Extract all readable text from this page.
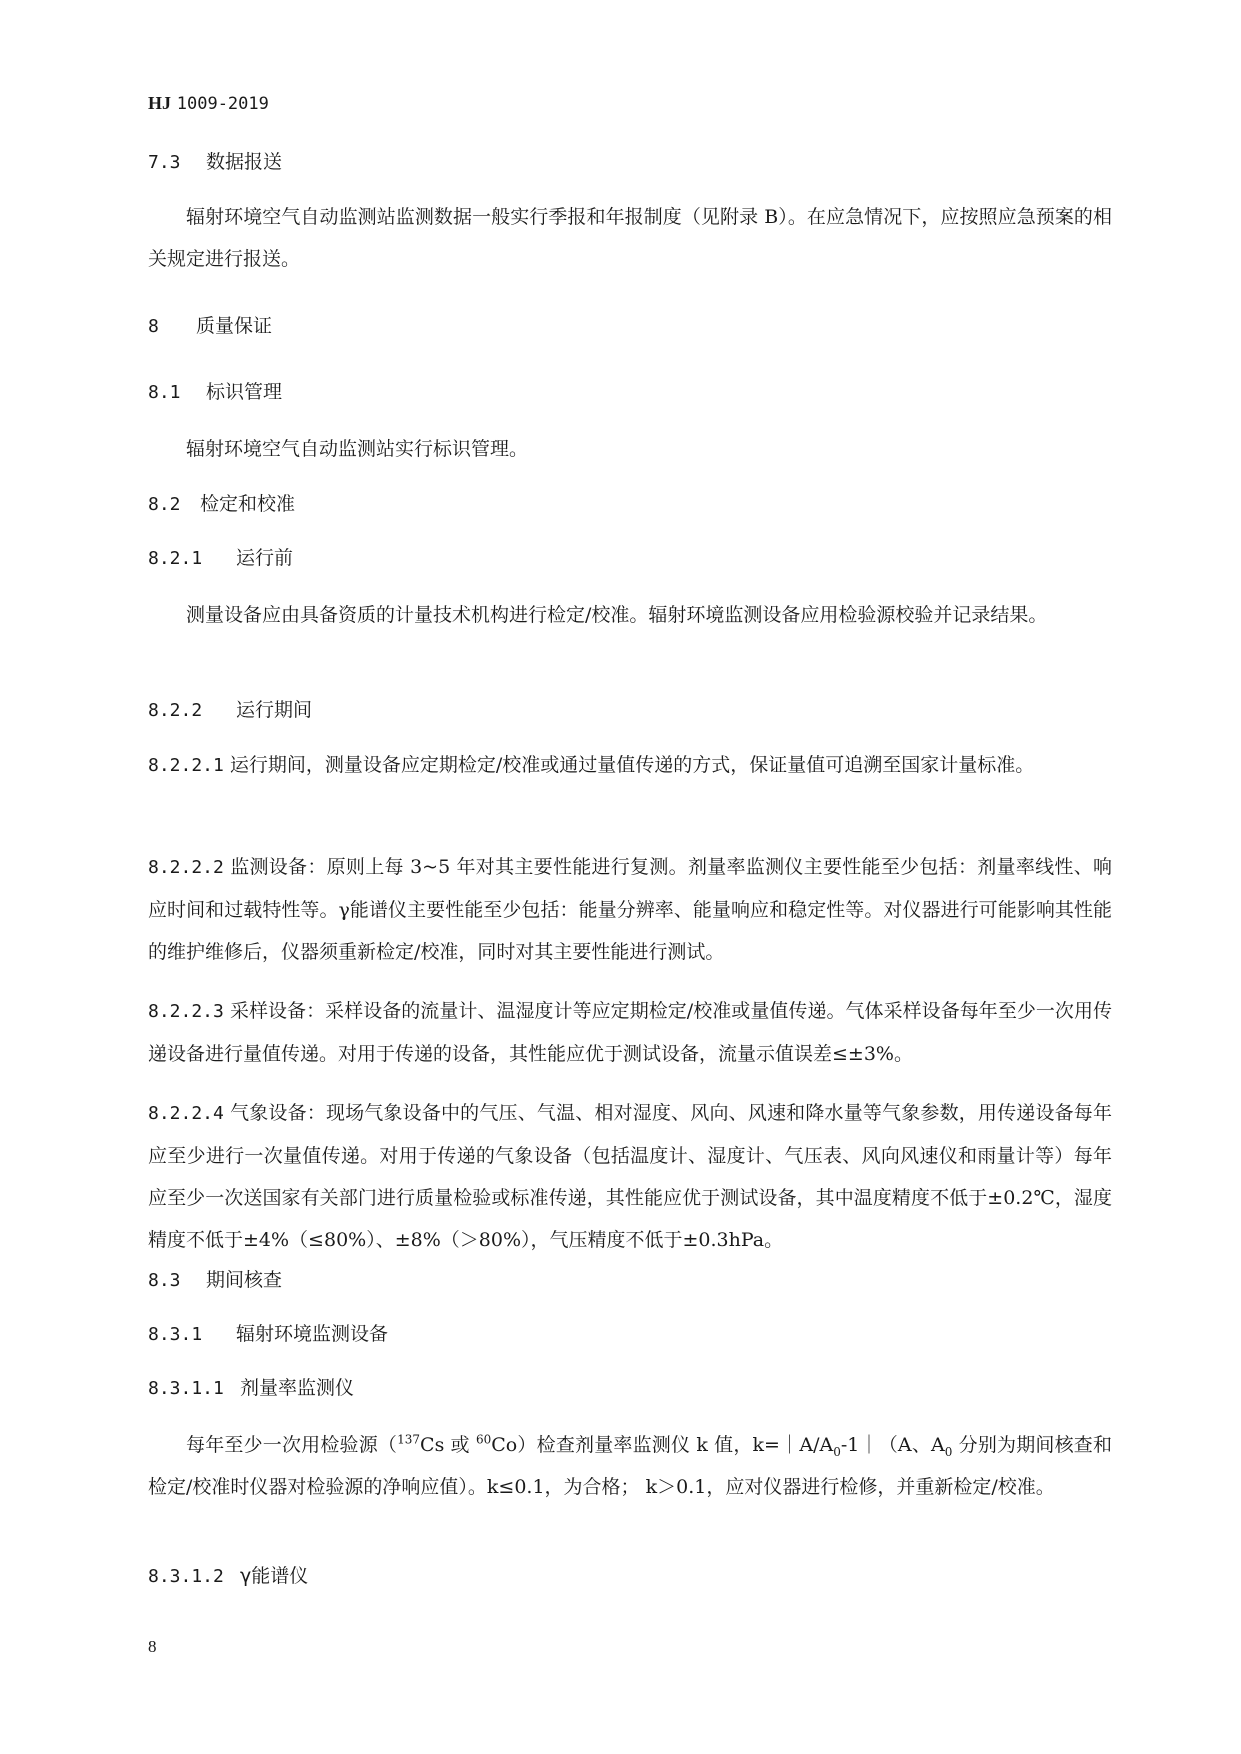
HJ 1009-2019
7.3 数据报送
辐射环境空气自动监测站监测数据一般实行季报和年报制度（见附录 B）。在应急情况下，应按照应急预案的相关规定进行报送。
8 质量保证
8.1 标识管理
辐射环境空气自动监测站实行标识管理。
8.2 检定和校准
8.2.1 运行前
测量设备应由具备资质的计量技术机构进行检定/校准。辐射环境监测设备应用检验源校验并记录结果。
8.2.2 运行期间
8.2.2.1 运行期间，测量设备应定期检定/校准或通过量值传递的方式，保证量值可追溯至国家计量标准。
8.2.2.2 监测设备：原则上每 3~5 年对其主要性能进行复测。剂量率监测仪主要性能至少包括：剂量率线性、响应时间和过载特性等。γ能谱仪主要性能至少包括：能量分辨率、能量响应和稳定性等。对仪器进行可能影响其性能的维护维修后，仪器须重新检定/校准，同时对其主要性能进行测试。
8.2.2.3 采样设备：采样设备的流量计、温湿度计等应定期检定/校准或量值传递。气体采样设备每年至少一次用传递设备进行量值传递。对用于传递的设备，其性能应优于测试设备，流量示值误差≤±3%。
8.2.2.4 气象设备：现场气象设备中的气压、气温、相对湿度、风向、风速和降水量等气象参数，用传递设备每年应至少进行一次量值传递。对用于传递的气象设备（包括温度计、湿度计、气压表、风向风速仪和雨量计等）每年应至少一次送国家有关部门进行质量检验或标准传递，其性能应优于测试设备，其中温度精度不低于±0.2℃，湿度精度不低于±4%（≤80%）、±8%（＞80%），气压精度不低于±0.3hPa。
8.3 期间核查
8.3.1 辐射环境监测设备
8.3.1.1 剂量率监测仪
每年至少一次用检验源（$^{137}$Cs 或 $^{60}$Co）检查剂量率监测仪 k 值，$k=|A/A_0-1|(A$、$A_0$ 分别为期间核查和检定/校准时仪器对检验源的净响应值）。k≤0.1，为合格； k＞0.1，应对仪器进行检修，并重新检定/校准。
8.3.1.2 γ能谱仪
8
